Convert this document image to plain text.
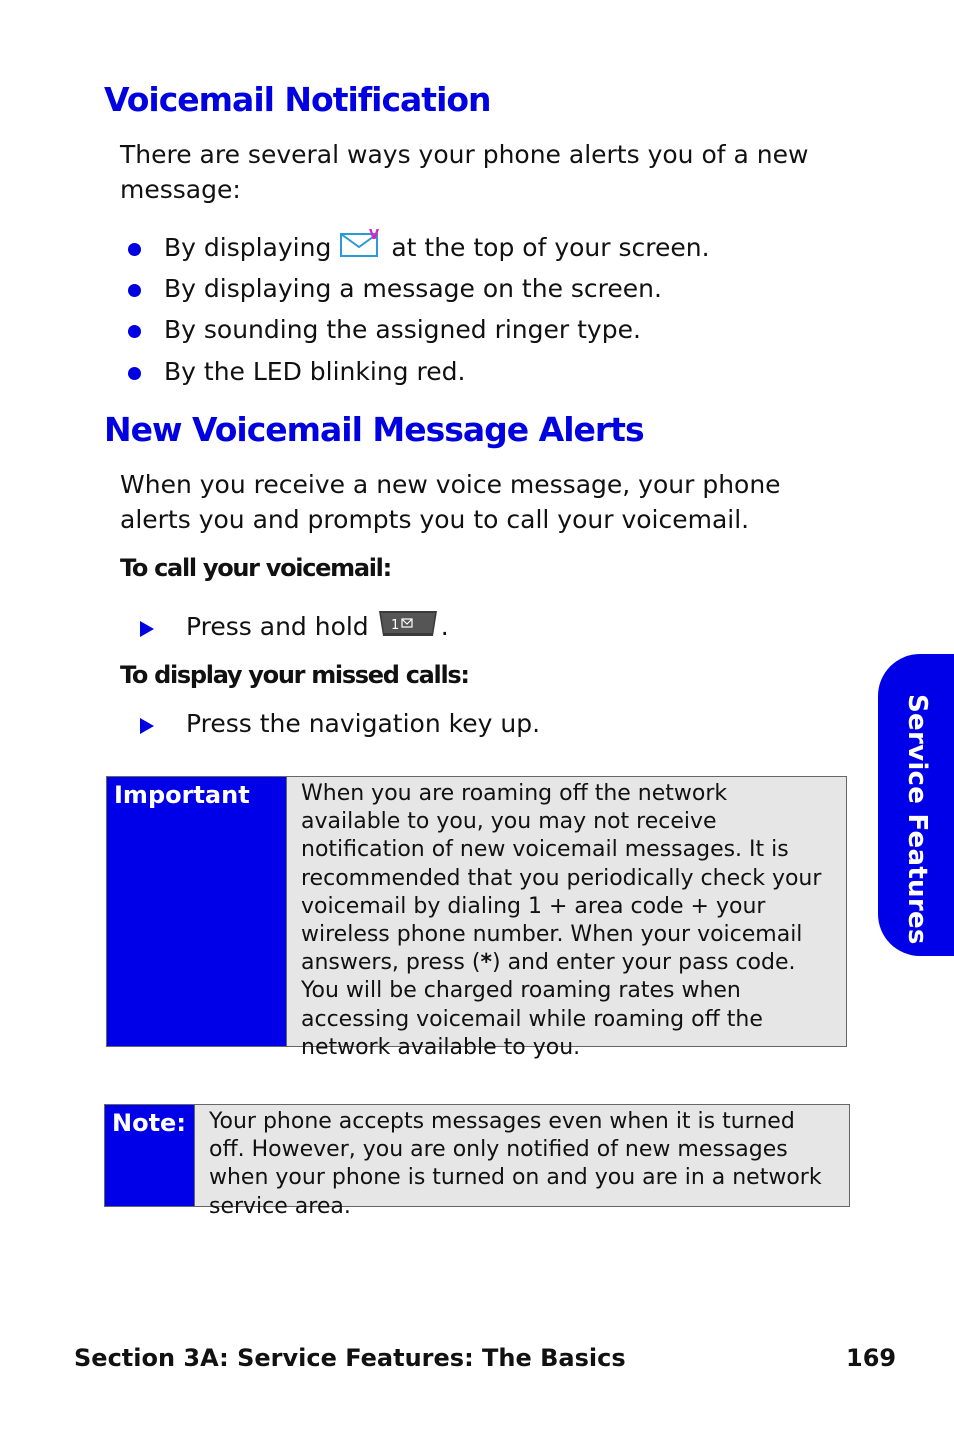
Voicemail Notification

There are several ways your phone alerts you of a new message:

By displaying	V at the top of your screen.
By displaying a message on the screen.
By sounding the assigned ringer type.
By the LED blinking red.
New Voicemail Message Alerts

When you receive a new voice message, your phone alerts you and prompts you to call your voicemail.

To call your voicemail:

Press and hold 1 .

To display your missed calls:

Press the navigation key up.
Important	When you are roaming off the network available to you, you may not receive notification of new voicemail messages. It is recommended that you periodically check your voicemail by dialing 1 + area code + your wireless phone number. When your voicemail answers, press (*) and enter your pass code. You will be charged roaming rates when accessing voicemail while roaming off the network available to you.
Note:	Your phone accepts messages even when it is turned off. However, you are only notified of new messages when your phone is turned on and you are in a network service area.
Service Features
Section 3A: Service Features: The Basics	169
